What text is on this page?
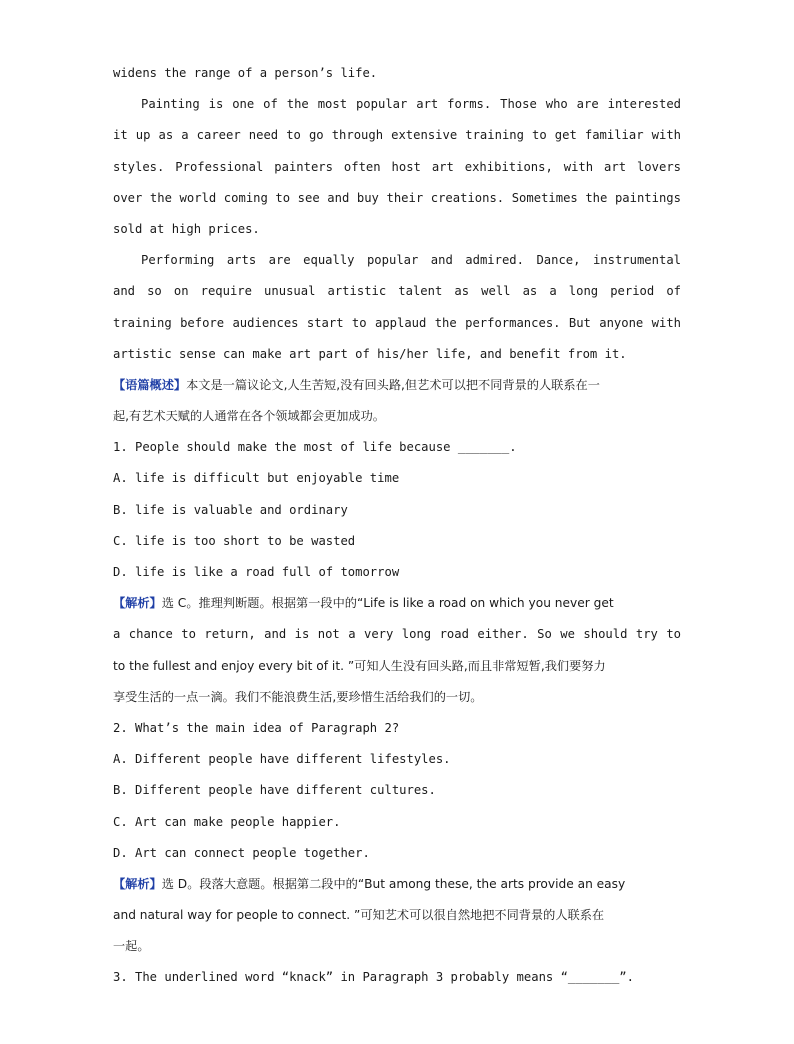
widens the range of a person’s life.
Painting is one of the most popular art forms. Those who are interested
it up as a career need to go through extensive training to get familiar with
styles. Professional painters often host art exhibitions, with art lovers
over the world coming to see and buy their creations. Sometimes the paintings
sold at high prices.
Performing arts are equally popular and admired. Dance, instrumental
and so on require unusual artistic talent as well as a long period of
training before audiences start to applaud the performances. But anyone with
artistic sense can make art part of his/her life, and benefit from it.
【语篇概述】本文是一篇议论文,人生苦短,没有回头路,但艺术可以把不同背景的人联系在一
起,有艺术天赋的人通常在各个领域都会更加成功。
1. People should make the most of life because _______.
A. life is difficult but enjoyable time
B. life is valuable and ordinary
C. life is too short to be wasted
D. life is like a road full of tomorrow
【解析】选 C。推理判断题。根据第一段中的“Life is like a road on which you never get
a chance to return, and is not a very long road either. So we should try to
to the fullest and enjoy every bit of it. ”可知人生没有回头路,而且非常短暂,我们要努力
享受生活的一点一滴。我们不能浪费生活,要珍惜生活给我们的一切。
2. What’s the main idea of Paragraph 2?
A. Different people have different lifestyles.
B. Different people have different cultures.
C. Art can make people happier.
D. Art can connect people together.
【解析】选 D。段落大意题。根据第二段中的“But among these, the arts provide an easy
and natural way for people to connect. ”可知艺术可以很自然地把不同背景的人联系在
一起。
3. The underlined word “knack” in Paragraph 3 probably means “_______”.
